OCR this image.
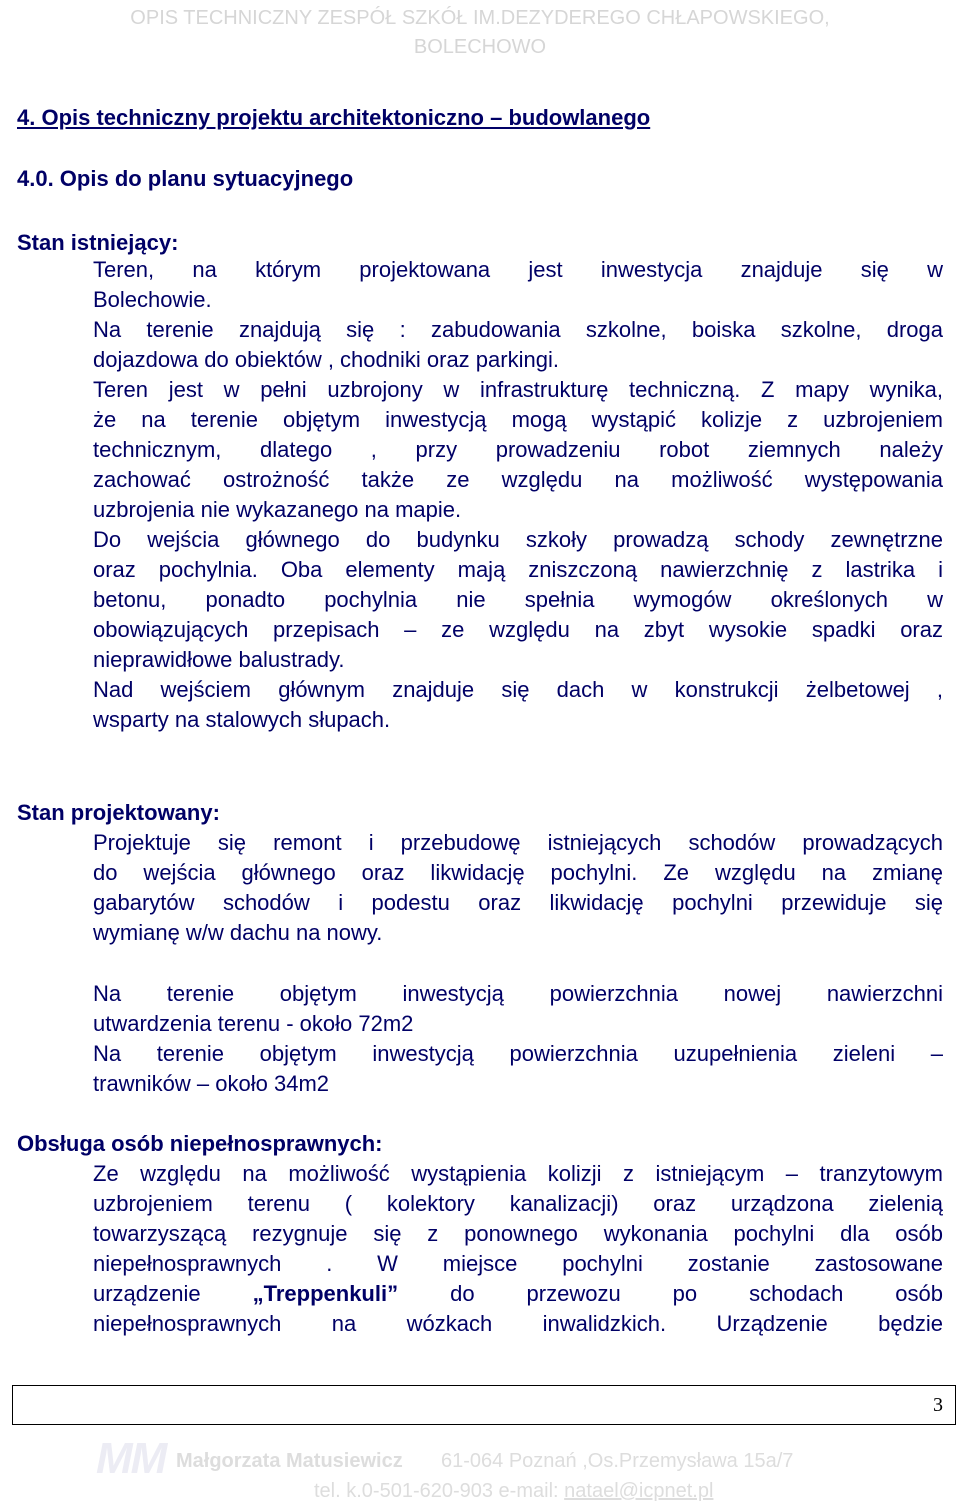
OPIS TECHNICZNY ZESPÓŁ SZKÓŁ IM.DEZYDEREGO CHŁAPOWSKIEGO,
BOLECHOWO
4. Opis techniczny projektu architektoniczno – budowlanego
4.0. Opis do planu sytuacyjnego
Stan istniejący:
Teren, na którym projektowana jest inwestycja znajduje się w
Bolechowie.
Na terenie znajdują się : zabudowania szkolne, boiska szkolne, droga
dojazdowa do obiektów , chodniki oraz parkingi.
Teren jest w pełni uzbrojony w infrastrukturę techniczną. Z mapy wynika,
że na terenie objętym inwestycją mogą wystąpić kolizje z uzbrojeniem
technicznym, dlatego , przy prowadzeniu robot ziemnych należy
zachować ostrożność także ze względu na możliwość występowania
uzbrojenia nie wykazanego na mapie.
Do wejścia głównego do budynku szkoły prowadzą schody zewnętrzne
oraz pochylnia. Oba elementy mają zniszczoną nawierzchnię z lastrika i
betonu, ponadto pochylnia nie spełnia wymogów określonych w
obowiązujących przepisach – ze względu na zbyt wysokie spadki oraz
nieprawidłowe balustrady.
Nad wejściem głównym znajduje się dach w konstrukcji żelbetowej ,
wsparty na stalowych słupach.
Stan projektowany:
Projektuje się remont i przebudowę istniejących schodów prowadzących
do wejścia głównego oraz likwidację pochylni. Ze względu na zmianę
gabarytów schodów i podestu oraz likwidację pochylni przewiduje się
wymianę w/w dachu na nowy.
Na terenie objętym inwestycją powierzchnia nowej nawierzchni
utwardzenia terenu - około 72m2
Na terenie objętym inwestycją powierzchnia uzupełnienia zieleni –
trawników – około 34m2
Obsługa osób niepełnosprawnych:
Ze względu na możliwość wystąpienia kolizji z istniejącym – tranzytowym
uzbrojeniem terenu ( kolektory kanalizacji) oraz urządzona zielenią
towarzyszącą rezygnuje się z ponownego wykonania pochylni dla osób
niepełnosprawnych . W miejsce pochylni zostanie zastosowane
urządzenie „Treppenkuli” do przewozu po schodach osób
niepełnosprawnych na wózkach inwalidzkich. Urządzenie będzie
3
MM Małgorzata Matusiewicz 61-064 Poznań ,Os.Przemysława 15a/7
tel. k.0-501-620-903 e-mail: natael@icpnet.pl
